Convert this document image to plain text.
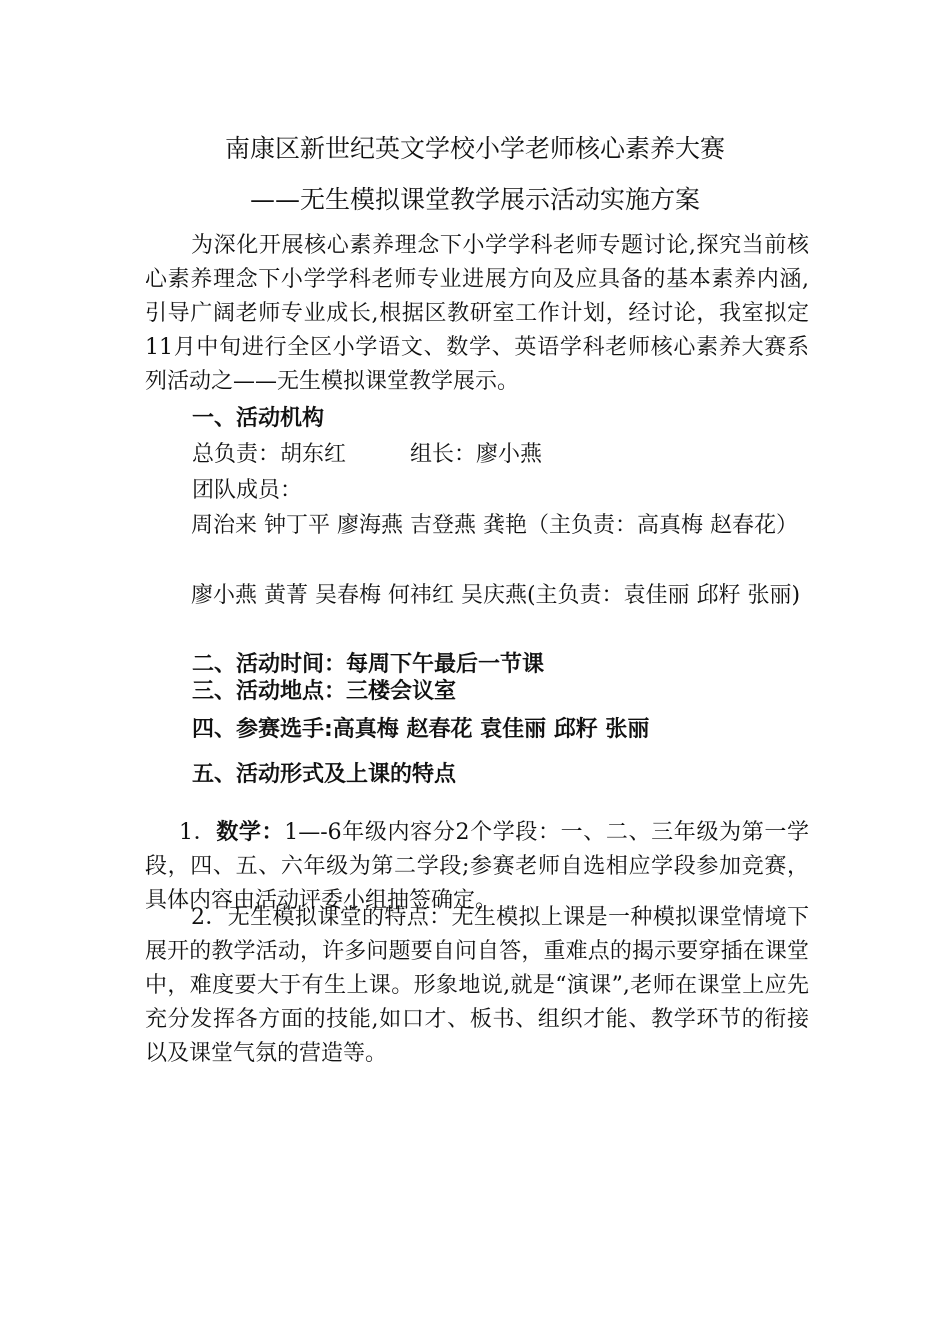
南康区新世纪英文学校小学老师核心素养大赛
——无生模拟课堂教学展示活动实施方案
为深化开展核心素养理念下小学学科老师专题讨论,探究当前核心素养理念下小学学科老师专业进展方向及应具备的基本素养内涵,引导广阔老师专业成长,根据区教研室工作计划，经讨论，我室拟定11月中旬进行全区小学语文、数学、英语学科老师核心素养大赛系列活动之——无生模拟课堂教学展示。
一、活动机构
总负责：胡东红	组长：廖小燕
团队成员：
周治来 钟丁平 廖海燕 吉登燕 龚艳（主负责：高真梅 赵春花）
廖小燕 黄菁 吴春梅 何祎红 吴庆燕(主负责：袁佳丽 邱籽 张丽)
二、活动时间：每周下午最后一节课
三、活动地点：三楼会议室
四、参赛选手:高真梅 赵春花 袁佳丽 邱籽 张丽
五、活动形式及上课的特点
1．数学：1—-6年级内容分2个学段：一、二、三年级为第一学段，四、五、六年级为第二学段;参赛老师自选相应学段参加竞赛，具体内容由活动评委小组抽签确定。
2．无生模拟课堂的特点：无生模拟上课是一种模拟课堂情境下展开的教学活动，许多问题要自问自答，重难点的揭示要穿插在课堂中，难度要大于有生上课。形象地说,就是“演课”,老师在课堂上应先充分发挥各方面的技能,如口才、板书、组织才能、教学环节的衔接以及课堂气氛的营造等。
